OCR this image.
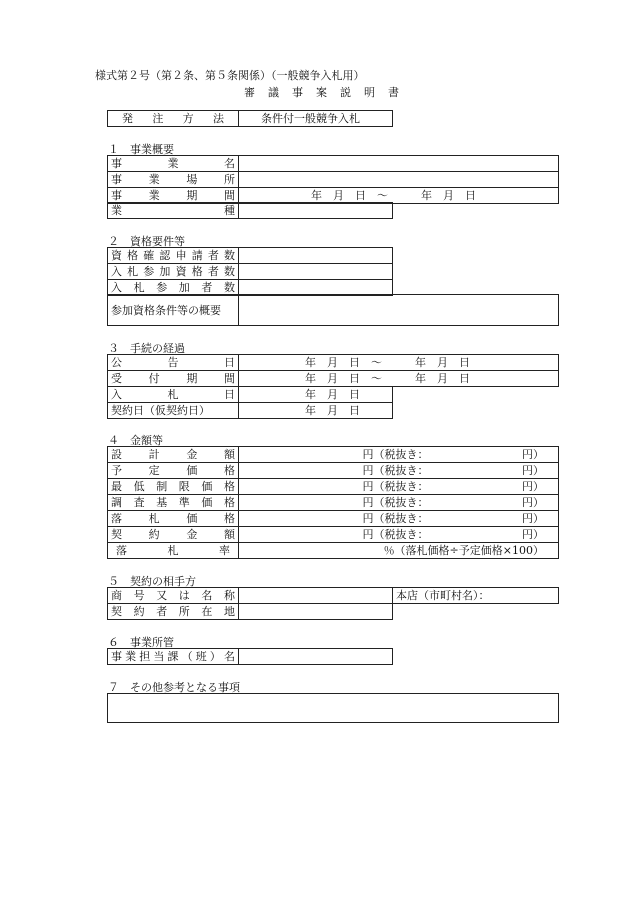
様式第２号（第２条、第５条関係）（一般競争入札用）
審　議　事　案　説　明　書
発注方法	条件付一般競争入札
１　事業概要
事業名	
事業場所	
事業期間	年　月　日　～　　　年　月　日
業種	
２　資格要件等
資格確認申請者数	
入札参加資格者数	
入札参加者数	
参加資格条件等の概要	
３　手続の経過
公告日	年　月　日　～　　　年　月　日
受付期間	年　月　日　～　　　年　月　日
入札日	年　月　日
契約日（仮契約日）	年　月　日
４　金額等
設計金額	円（税抜き：　　　　　　　　　円）
予定価格	円（税抜き：　　　　　　　　　円）
最低制限価格	円（税抜き：　　　　　　　　　円）
調査基準価格	円（税抜き：　　　　　　　　　円）
落札価格	円（税抜き：　　　　　　　　　円）
契約金額	円（税抜き：　　　　　　　　　円）
落札率	％（落札価格÷予定価格×100）
５　契約の相手方
商号又は名称		本店（市町村名）：
契約者所在地	
６　事業所管
事業担当課（班）名	
７　その他参考となる事項
